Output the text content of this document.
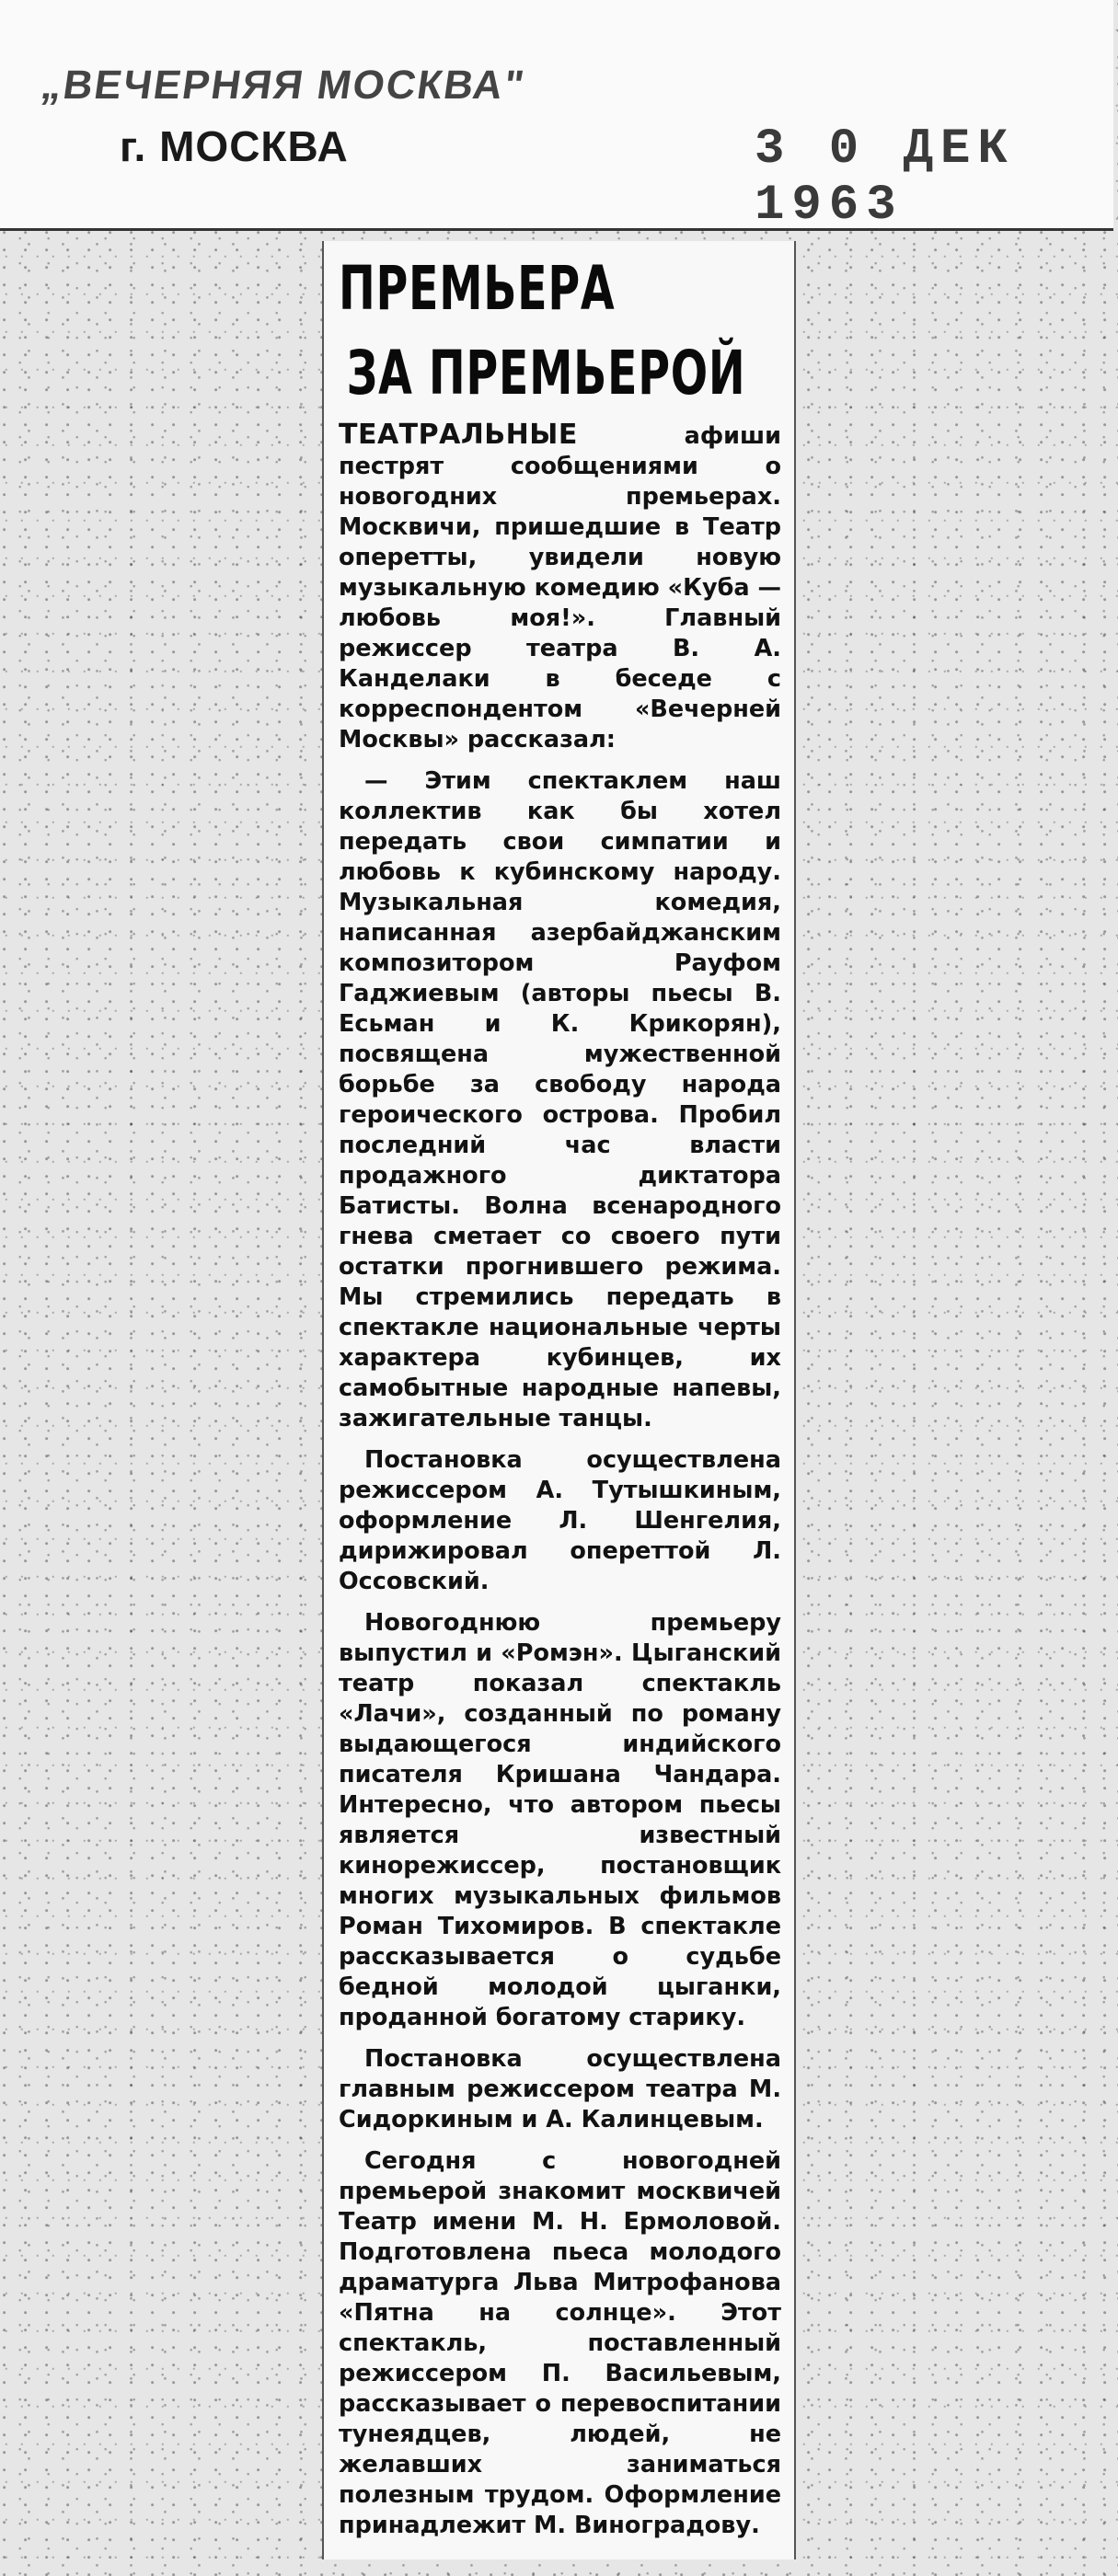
„ВЕЧЕРНЯЯ МОСКВА"
г. МОСКВА	3 0 ДЕК 1963
ПРЕМЬЕРА
ЗА ПРЕМЬЕРОЙ

ТЕАТРАЛЬНЫЕ афиши пестрят сообщениями о новогодних премьерах. Москвичи, пришедшие в Театр оперетты, увидели новую музыкальную комедию «Куба — любовь моя!». Главный режиссер театра В. А. Канделаки в беседе с корреспондентом «Вечерней Москвы» рассказал:

— Этим спектаклем наш коллектив как бы хотел передать свои симпатии и любовь к кубинскому народу. Музыкальная комедия, написанная азербайджанским композитором Рауфом Гаджиевым (авторы пьесы В. Есьман и К. Крикорян), посвящена мужественной борьбе за свободу народа героического острова. Пробил последний час власти продажного диктатора Батисты. Волна всенародного гнева сметает со своего пути остатки прогнившего режима. Мы стремились передать в спектакле национальные черты характера кубинцев, их самобытные народные напевы, зажигательные танцы.

Постановка осуществлена режиссером А. Тутышкиным, оформление Л. Шенгелия, дирижировал опереттой Л. Оссовский.

Новогоднюю премьеру выпустил и «Ромэн». Цыганский театр показал спектакль «Лачи», созданный по роману выдающегося индийского писателя Кришана Чандара. Интересно, что автором пьесы является известный кинорежиссер, постановщик многих музыкальных фильмов Роман Тихомиров. В спектакле рассказывается о судьбе бедной молодой цыганки, проданной богатому старику.

Постановка осуществлена главным режиссером театра М. Сидоркиным и А. Калинцевым.

Сегодня с новогодней премьерой знакомит москвичей Театр имени М. Н. Ермоловой. Подготовлена пьеса молодого драматурга Льва Митрофанова «Пятна на солнце». Этот спектакль, поставленный режиссером П. Васильевым, рассказывает о перевоспитании тунеядцев, людей, не желавших заниматься полезным трудом. Оформление принадлежит М. Виноградову.
